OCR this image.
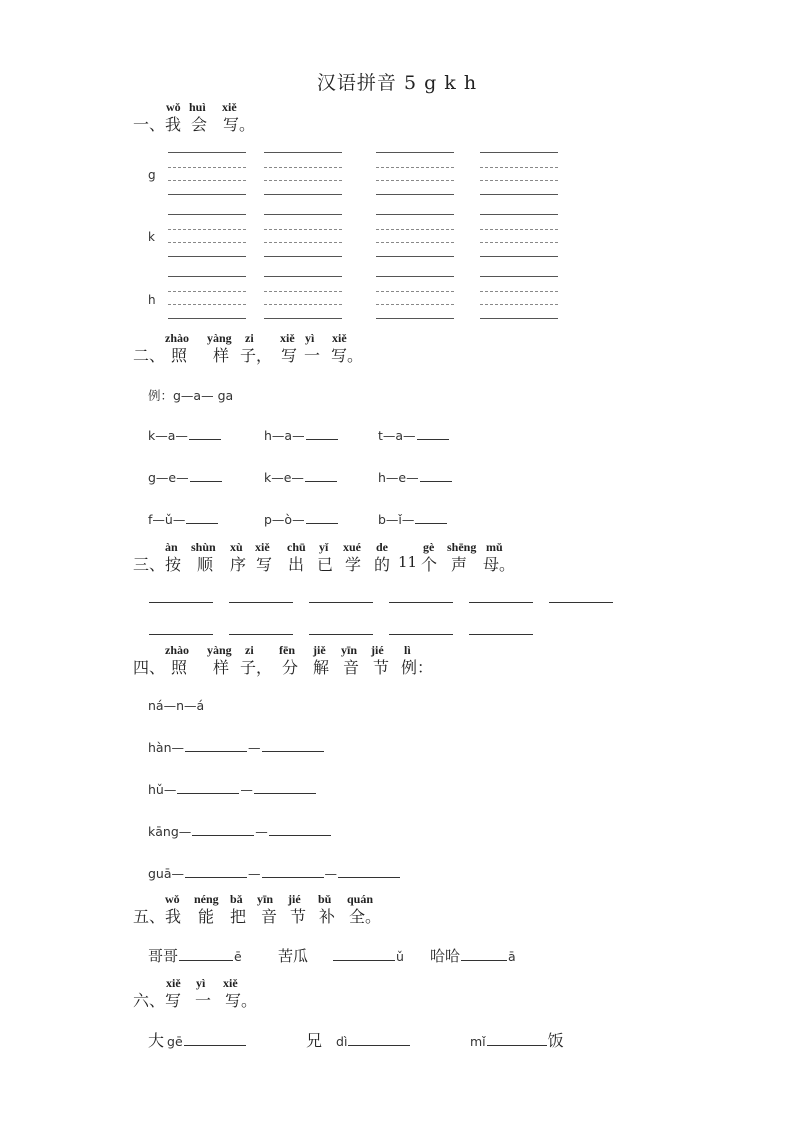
汉语拼音 5 g k h
一、
wǒ
我
huì
会
xiě
写。
g
k
h
二、
zhào
照
yàng
样
zi
子，
xiě
写
yì
一
xiě
写。
例：g—a— ga
k—a—	h—a—	t—a—
g—e—	k—e—	h—e—
f—ǔ—	p—ò—	b—ǐ—
三、
àn
按
shùn
顺
xù
序
xiě
写
chū
出
yǐ
已
xué
学
de
的 11
gè
个
shēng
声
mǔ
母。
四、
zhào
照
yàng
样
zi
子，
fēn
分
jiě
解
yīn
音
jié
节
lì
例：
ná—n—á
hàn—	—
hǔ—	—
kāng—	—
guā—	—	—
五、
wǒ
我
néng
能
bǎ
把
yīn
音
jié
节
bǔ
补
quán
全。
哥哥	ē 苦瓜	ǔ 哈哈	ā
六、
xiě
写
yì
一
xiě
写。
大 gē	兄 dì	mǐ	饭
